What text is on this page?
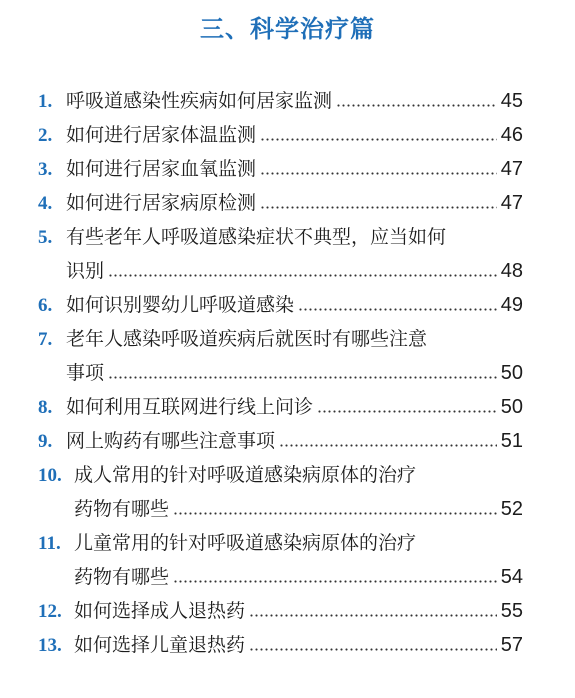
三、科学治疗篇
1. 呼吸道感染性疾病如何居家监测	45
2. 如何进行居家体温监测	46
3. 如何进行居家血氧监测	47
4. 如何进行居家病原检测	47
5. 有些老年人呼吸道感染症状不典型，应当如何
识别	48
6. 如何识别婴幼儿呼吸道感染	49
7. 老年人感染呼吸道疾病后就医时有哪些注意
事项	50
8. 如何利用互联网进行线上问诊	50
9. 网上购药有哪些注意事项	51
10. 成人常用的针对呼吸道感染病原体的治疗
药物有哪些	52
11. 儿童常用的针对呼吸道感染病原体的治疗
药物有哪些	54
12. 如何选择成人退热药	55
13. 如何选择儿童退热药	57
